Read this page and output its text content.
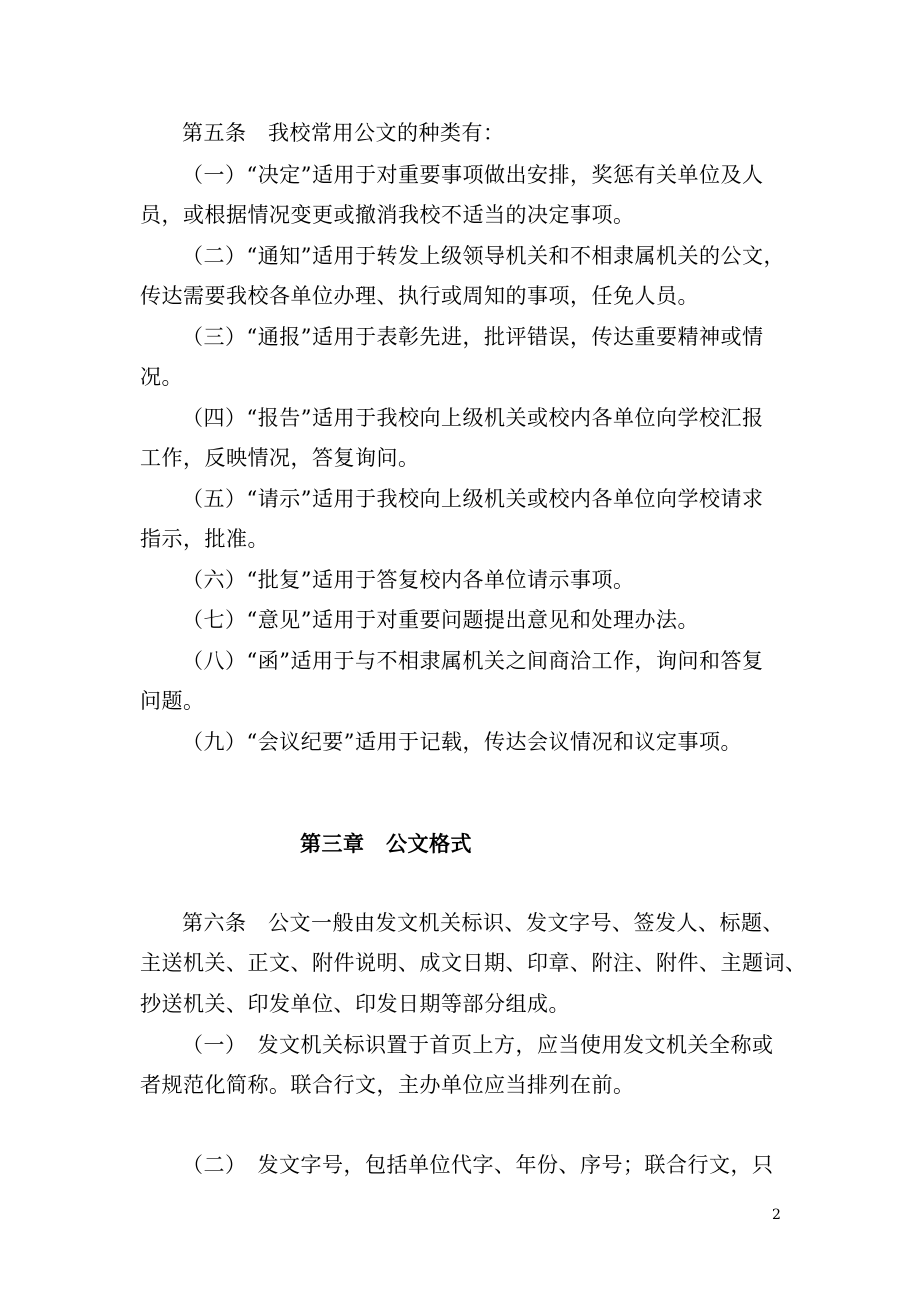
第五条　我校常用公文的种类有：
（一）“决定”适用于对重要事项做出安排，奖惩有关单位及人
员，或根据情况变更或撤消我校不适当的决定事项。
（二）“通知”适用于转发上级领导机关和不相隶属机关的公文，
传达需要我校各单位办理、执行或周知的事项，任免人员。
（三）“通报”适用于表彰先进，批评错误，传达重要精神或情
况。
（四）“报告”适用于我校向上级机关或校内各单位向学校汇报
工作，反映情况，答复询问。
（五）“请示”适用于我校向上级机关或校内各单位向学校请求
指示，批准。
（六）“批复”适用于答复校内各单位请示事项。
（七）“意见”适用于对重要问题提出意见和处理办法。
（八）“函”适用于与不相隶属机关之间商洽工作，询问和答复
问题。
（九）“会议纪要”适用于记载，传达会议情况和议定事项。
第三章　公文格式
第六条　公文一般由发文机关标识、发文字号、签发人、标题、
主送机关、正文、附件说明、成文日期、印章、附注、附件、主题词、
抄送机关、印发单位、印发日期等部分组成。
（一）　发文机关标识置于首页上方，应当使用发文机关全称或
者规范化简称。联合行文，主办单位应当排列在前。
（二）　发文字号，包括单位代字、年份、序号；联合行文，只
2
